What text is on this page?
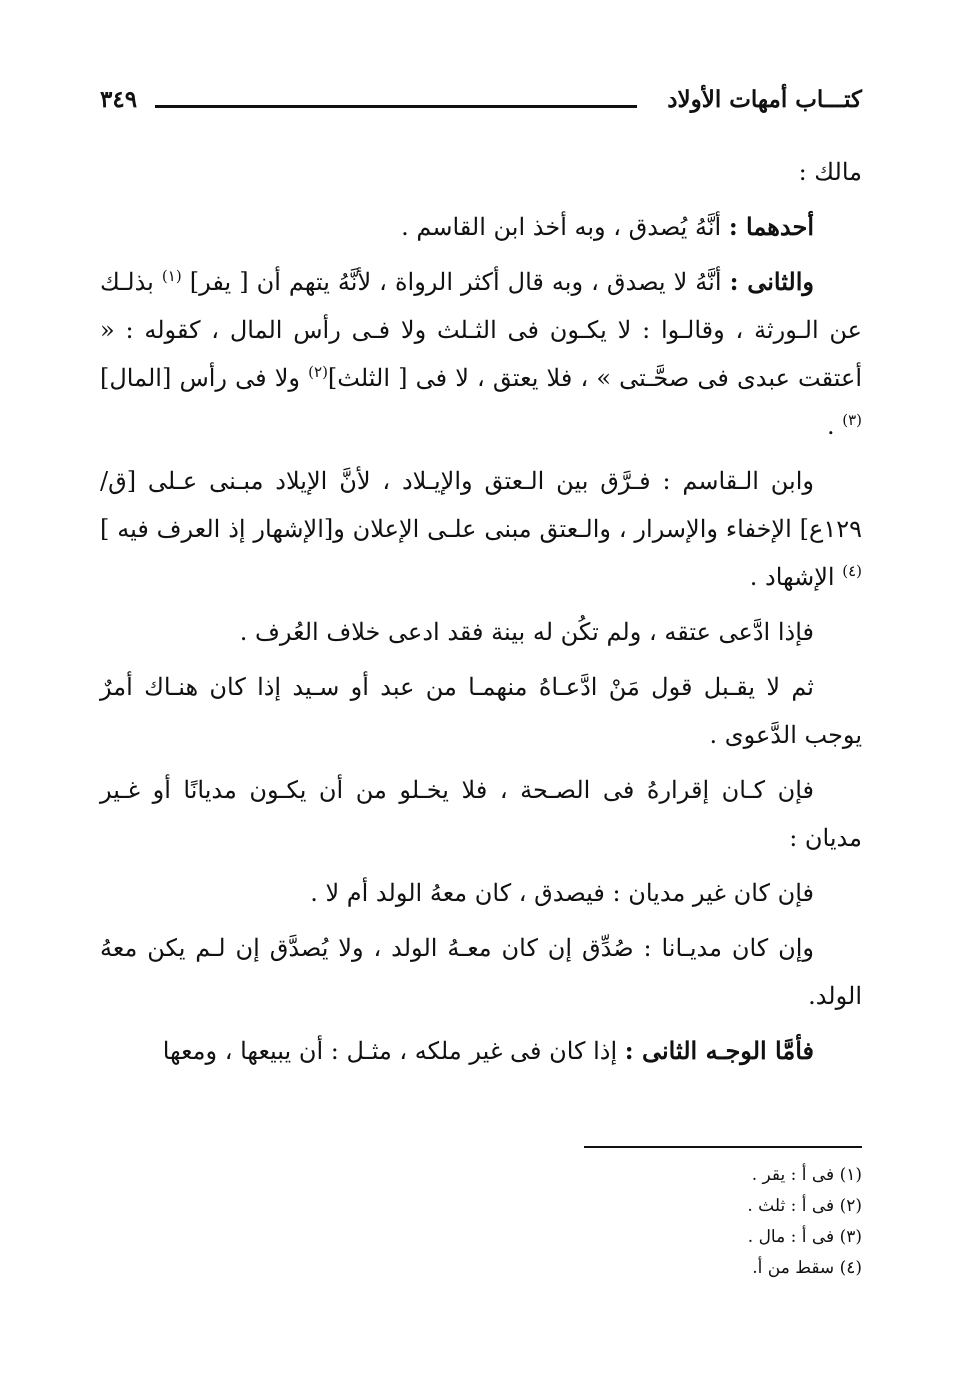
كتـــاب أمهات الأولاد
٣٤٩

مالك :

أحدهما : أنَّهُ يُصدق ، وبه أخذ ابن القاسم .

والثانى : أنَّهُ لا يصدق ، وبه قال أكثر الرواة ، لأنَّهُ يتهم أن [ يفر] $^{(١)}$ بذلـك عن الـورثة ، وقالـوا : لا يكـون فى الثـلث ولا فـى رأس المال ، كقوله : « أعتقت عبدى فى صحَّـتى » ، فلا يعتق ، لا فى [ الثلث]$^{(٢)}$ ولا فى رأس [المال] $^{(٣)}$ .

وابن الـقاسم : فـرَّق بين الـعتق والإيـلاد ، لأنَّ الإيلاد مبـنى عـلى [ق/١٢٩ع] الإخفاء والإسرار ، والـعتق مبنى علـى الإعلان و[الإشهار إذ العرف فيه ] $^{(٤)}$ الإشهاد .

فإذا ادَّعى عتقه ، ولم تكُن له بينة فقد ادعى خلاف العُرف .

ثم لا يقـبل قول مَنْ ادَّعـاهُ منهمـا من عبد أو سـيد إذا كان هنـاك أمرٌ يوجب الدَّعوى .

فإن كـان إقرارهُ فى الصـحة ، فلا يخـلو من أن يكـون مديانًا أو غـير مديان :

فإن كان غير مديان : فيصدق ، كان معهُ الولد أم لا .

وإن كان مديـانا : صُدِّق إن كان معـهُ الولد ، ولا يُصدَّق إن لـم يكن معهُ الولد.

فأمَّا الوجـه الثانى : إذا كان فى غير ملكه ، مثـل : أن يبيعها ، ومعها

(١) فى أ : يقر .
(٢) فى أ : ثلث .
(٣) فى أ : مال .
(٤) سقط من أ.
